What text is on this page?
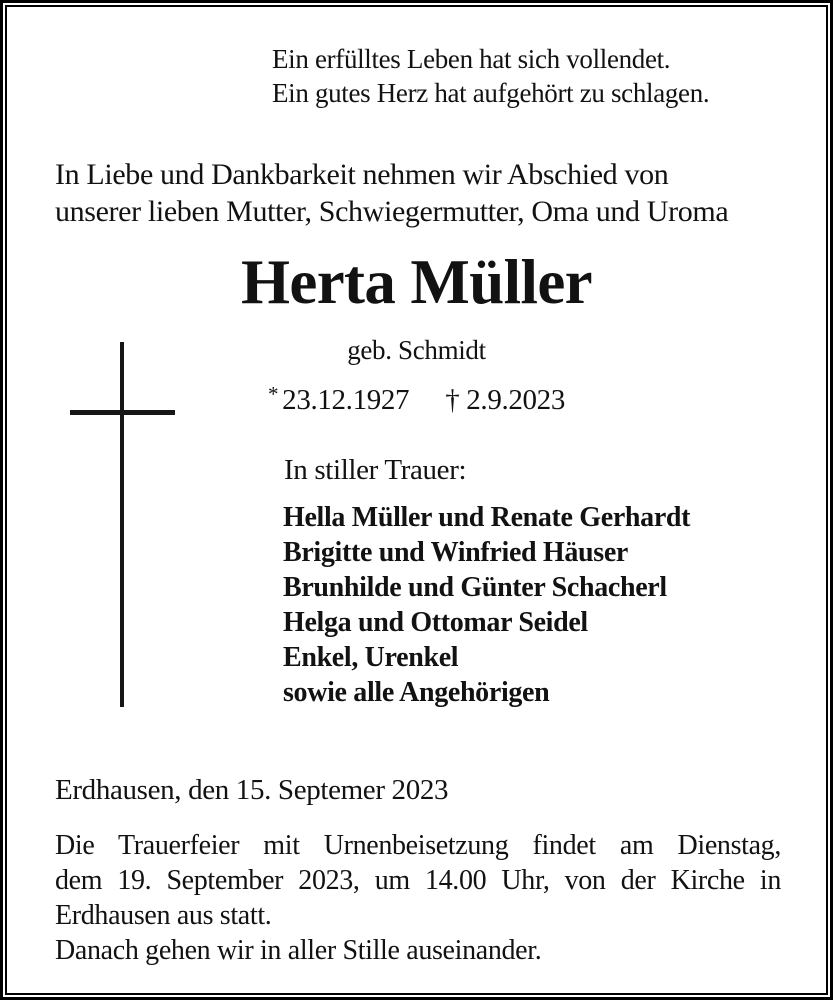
Ein erfülltes Leben hat sich vollendet.
Ein gutes Herz hat aufgehört zu schlagen.
In Liebe und Dankbarkeit nehmen wir Abschied von
unserer lieben Mutter, Schwiegermutter, Oma und Uroma
Herta Müller
geb. Schmidt
* 23.12.1927 † 2.9.2023
In stiller Trauer:
Hella Müller und Renate Gerhardt
Brigitte und Winfried Häuser
Brunhilde und Günter Schacherl
Helga und Ottomar Seidel
Enkel, Urenkel
sowie alle Angehörigen
Erdhausen, den 15. Septemer 2023
Die Trauerfeier mit Urnenbeisetzung findet am Dienstag,
dem 19. September 2023, um 14.00 Uhr, von der Kirche in
Erdhausen aus statt.
Danach gehen wir in aller Stille auseinander.
